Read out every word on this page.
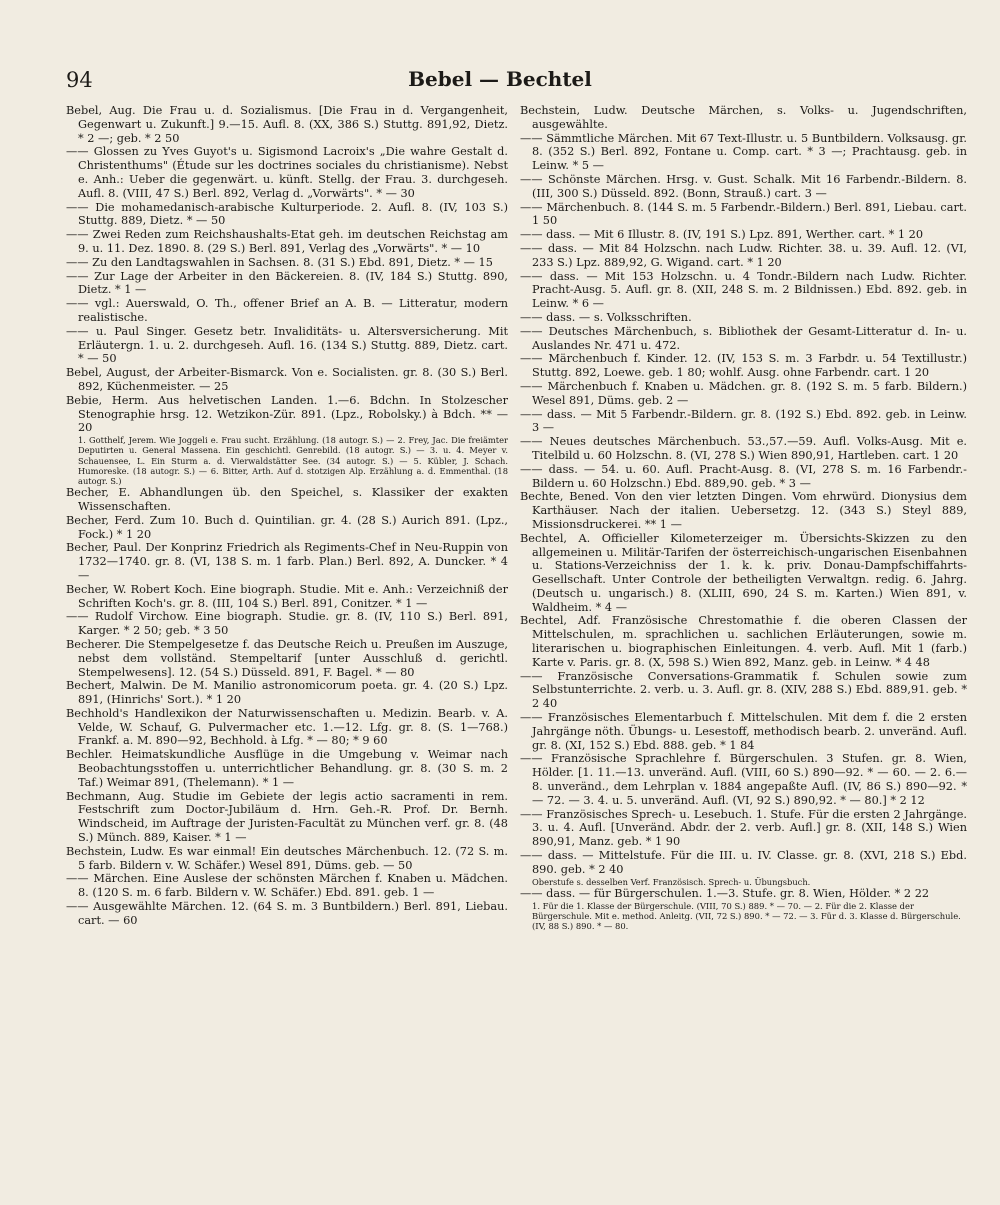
94	Bebel — Bechtel

Bebel, Aug. Die Frau u. d. Sozialismus. [Die Frau in d. Vergangenheit, Gegenwart u. Zukunft.] 9.—15. Aufl. 8. (XX, 386 S.) Stuttg. 891,92, Dietz. * 2 —; geb. * 2 50

—— Glossen zu Yves Guyot's u. Sigismond Lacroix's „Die wahre Gestalt d. Christenthums" (Étude sur les doctrines sociales du christianisme). Nebst e. Anh.: Ueber die gegenwärt. u. künft. Stellg. der Frau. 3. durchgeseh. Aufl. 8. (VIII, 47 S.) Berl. 892, Verlag d. „Vorwärts". * — 30

—— Die mohamedanisch-arabische Kulturperiode. 2. Aufl. 8. (IV, 103 S.) Stuttg. 889, Dietz. * — 50

—— Zwei Reden zum Reichshaushalts-Etat geh. im deutschen Reichstag am 9. u. 11. Dez. 1890. 8. (29 S.) Berl. 891, Verlag des „Vorwärts". * — 10

—— Zu den Landtagswahlen in Sachsen. 8. (31 S.) Ebd. 891, Dietz. * — 15

—— Zur Lage der Arbeiter in den Bäckereien. 8. (IV, 184 S.) Stuttg. 890, Dietz. * 1 —

—— vgl.: Auerswald, O. Th., offener Brief an A. B. — Litteratur, modern realistische.

—— u. Paul Singer. Gesetz betr. Invaliditäts- u. Altersversicherung. Mit Erläutergn. 1. u. 2. durchgeseh. Aufl. 16. (134 S.) Stuttg. 889, Dietz. cart. * — 50

Bebel, August, der Arbeiter-Bismarck. Von e. Socialisten. gr. 8. (30 S.) Berl. 892, Küchenmeister. — 25

Bebie, Herm. Aus helvetischen Landen. 1.—6. Bdchn. In Stolzescher Stenographie hrsg. 12. Wetzikon-Zür. 891. (Lpz., Robolsky.) à Bdch. ** — 20

1. Gotthelf, Jerem. Wie Joggeli e. Frau sucht. Erzählung. (18 autogr. S.) — 2. Frey, Jac. Die freiämter Deputirten u. General Massena. Ein geschichtl. Genrebild. (18 autogr. S.) — 3. u. 4. Meyer v. Schauensee, L. Ein Sturm a. d. Vierwaldstätter See. (34 autogr. S.) — 5. Kübler, J. Schach. Humoreske. (18 autogr. S.) — 6. Bitter, Arth. Auf d. stotzigen Alp. Erzählung a. d. Emmenthal. (18 autogr. S.)

Becher, E. Abhandlungen üb. den Speichel, s. Klassiker der exakten Wissenschaften.

Becher, Ferd. Zum 10. Buch d. Quintilian. gr. 4. (28 S.) Aurich 891. (Lpz., Fock.) * 1 20

Becher, Paul. Der Konprinz Friedrich als Regiments-Chef in Neu-Ruppin von 1732—1740. gr. 8. (VI, 138 S. m. 1 farb. Plan.) Berl. 892, A. Duncker. * 4 —

Becher, W. Robert Koch. Eine biograph. Studie. Mit e. Anh.: Verzeichniß der Schriften Koch's. gr. 8. (III, 104 S.) Berl. 891, Conitzer. * 1 —

—— Rudolf Virchow. Eine biograph. Studie. gr. 8. (IV, 110 S.) Berl. 891, Karger. * 2 50; geb. * 3 50

Becherer. Die Stempelgesetze f. das Deutsche Reich u. Preußen im Auszuge, nebst dem vollständ. Stempeltarif [unter Ausschluß d. gerichtl. Stempelwesens]. 12. (54 S.) Düsseld. 891, F. Bagel. * — 80

Bechert, Malwin. De M. Manilio astronomicorum poeta. gr. 4. (20 S.) Lpz. 891, (Hinrichs' Sort.). * 1 20

Bechhold's Handlexikon der Naturwissenschaften u. Medizin. Bearb. v. A. Velde, W. Schauf, G. Pulvermacher etc. 1.—12. Lfg. gr. 8. (S. 1—768.) Frankf. a. M. 890—92, Bechhold. à Lfg. * — 80; * 9 60

Bechler. Heimatskundliche Ausflüge in die Umgebung v. Weimar nach Beobachtungsstoffen u. unterrichtlicher Behandlung. gr. 8. (30 S. m. 2 Taf.) Weimar 891, (Thelemann). * 1 —

Bechmann, Aug. Studie im Gebiete der legis actio sacramenti in rem. Festschrift zum Doctor-Jubiläum d. Hrn. Geh.-R. Prof. Dr. Bernh. Windscheid, im Auftrage der Juristen-Facultät zu München verf. gr. 8. (48 S.) Münch. 889, Kaiser. * 1 —

Bechstein, Ludw. Es war einmal! Ein deutsches Märchenbuch. 12. (72 S. m. 5 farb. Bildern v. W. Schäfer.) Wesel 891, Düms. geb. — 50

—— Märchen. Eine Auslese der schönsten Märchen f. Knaben u. Mädchen. 8. (120 S. m. 6 farb. Bildern v. W. Schäfer.) Ebd. 891. geb. 1 —

—— Ausgewählte Märchen. 12. (64 S. m. 3 Buntbildern.) Berl. 891, Liebau. cart. — 60

Bechstein, Ludw. Deutsche Märchen, s. Volks- u. Jugendschriften, ausgewählte.

—— Sämmtliche Märchen. Mit 67 Text-Illustr. u. 5 Buntbildern. Volksausg. gr. 8. (352 S.) Berl. 892, Fontane u. Comp. cart. * 3 —; Prachtausg. geb. in Leinw. * 5 —

—— Schönste Märchen. Hrsg. v. Gust. Schalk. Mit 16 Farbendr.-Bildern. 8. (III, 300 S.) Düsseld. 892. (Bonn, Strauß.) cart. 3 —

—— Märchenbuch. 8. (144 S. m. 5 Farbendr.-Bildern.) Berl. 891, Liebau. cart. 1 50

—— dass. — Mit 6 Illustr. 8. (IV, 191 S.) Lpz. 891, Werther. cart. * 1 20

—— dass. — Mit 84 Holzschn. nach Ludw. Richter. 38. u. 39. Aufl. 12. (VI, 233 S.) Lpz. 889,92, G. Wigand. cart. * 1 20

—— dass. — Mit 153 Holzschn. u. 4 Tondr.-Bildern nach Ludw. Richter. Pracht-Ausg. 5. Aufl. gr. 8. (XII, 248 S. m. 2 Bildnissen.) Ebd. 892. geb. in Leinw. * 6 —

—— dass. — s. Volksschriften.

—— Deutsches Märchenbuch, s. Bibliothek der Gesamt-Litteratur d. In- u. Auslandes Nr. 471 u. 472.

—— Märchenbuch f. Kinder. 12. (IV, 153 S. m. 3 Farbdr. u. 54 Textillustr.) Stuttg. 892, Loewe. geb. 1 80; wohlf. Ausg. ohne Farbendr. cart. 1 20

—— Märchenbuch f. Knaben u. Mädchen. gr. 8. (192 S. m. 5 farb. Bildern.) Wesel 891, Düms. geb. 2 —

—— dass. — Mit 5 Farbendr.-Bildern. gr. 8. (192 S.) Ebd. 892. geb. in Leinw. 3 —

—— Neues deutsches Märchenbuch. 53.,57.—59. Aufl. Volks-Ausg. Mit e. Titelbild u. 60 Holzschn. 8. (VI, 278 S.) Wien 890,91, Hartleben. cart. 1 20

—— dass. — 54. u. 60. Aufl. Pracht-Ausg. 8. (VI, 278 S. m. 16 Farbendr.-Bildern u. 60 Holzschn.) Ebd. 889,90. geb. * 3 —

Bechte, Bened. Von den vier letzten Dingen. Vom ehrwürd. Dionysius dem Karthäuser. Nach der italien. Uebersetzg. 12. (343 S.) Steyl 889, Missionsdruckerei. ** 1 —

Bechtel, A. Officieller Kilometerzeiger m. Übersichts-Skizzen zu den allgemeinen u. Militär-Tarifen der österreichisch-ungarischen Eisenbahnen u. Stations-Verzeichniss der 1. k. k. priv. Donau-Dampfschiffahrts-Gesellschaft. Unter Controle der betheiligten Verwaltgn. redig. 6. Jahrg. (Deutsch u. ungarisch.) 8. (XLIII, 690, 24 S. m. Karten.) Wien 891, v. Waldheim. * 4 —

Bechtel, Adf. Französische Chrestomathie f. die oberen Classen der Mittelschulen, m. sprachlichen u. sachlichen Erläuterungen, sowie m. literarischen u. biographischen Einleitungen. 4. verb. Aufl. Mit 1 (farb.) Karte v. Paris. gr. 8. (X, 598 S.) Wien 892, Manz. geb. in Leinw. * 4 48

—— Französische Conversations-Grammatik f. Schulen sowie zum Selbstunterrichte. 2. verb. u. 3. Aufl. gr. 8. (XIV, 288 S.) Ebd. 889,91. geb. * 2 40

—— Französisches Elementarbuch f. Mittelschulen. Mit dem f. die 2 ersten Jahrgänge nöth. Übungs- u. Lesestoff, methodisch bearb. 2. unveränd. Aufl. gr. 8. (XI, 152 S.) Ebd. 888. geb. * 1 84

—— Französische Sprachlehre f. Bürgerschulen. 3 Stufen. gr. 8. Wien, Hölder. [1. 11.—13. unveränd. Aufl. (VIII, 60 S.) 890—92. * — 60. — 2. 6.—8. unveränd., dem Lehrplan v. 1884 angepaßte Aufl. (IV, 86 S.) 890—92. * — 72. — 3. 4. u. 5. unveränd. Aufl. (VI, 92 S.) 890,92. * — 80.] * 2 12

—— Französisches Sprech- u. Lesebuch. 1. Stufe. Für die ersten 2 Jahrgänge. 3. u. 4. Aufl. [Unveränd. Abdr. der 2. verb. Aufl.] gr. 8. (XII, 148 S.) Wien 890,91, Manz. geb. * 1 90

—— dass. — Mittelstufe. Für die III. u. IV. Classe. gr. 8. (XVI, 218 S.) Ebd. 890. geb. * 2 40

Oberstufe s. desselben Verf. Französisch. Sprech- u. Übungsbuch.

—— dass. — für Bürgerschulen. 1.—3. Stufe. gr. 8. Wien, Hölder. * 2 22

1. Für die 1. Klasse der Bürgerschule. (VIII, 70 S.) 889. * — 70. — 2. Für die 2. Klasse der Bürgerschule. Mit e. method. Anleitg. (VII, 72 S.) 890. * — 72. — 3. Für d. 3. Klasse d. Bürgerschule. (IV, 88 S.) 890. * — 80.
